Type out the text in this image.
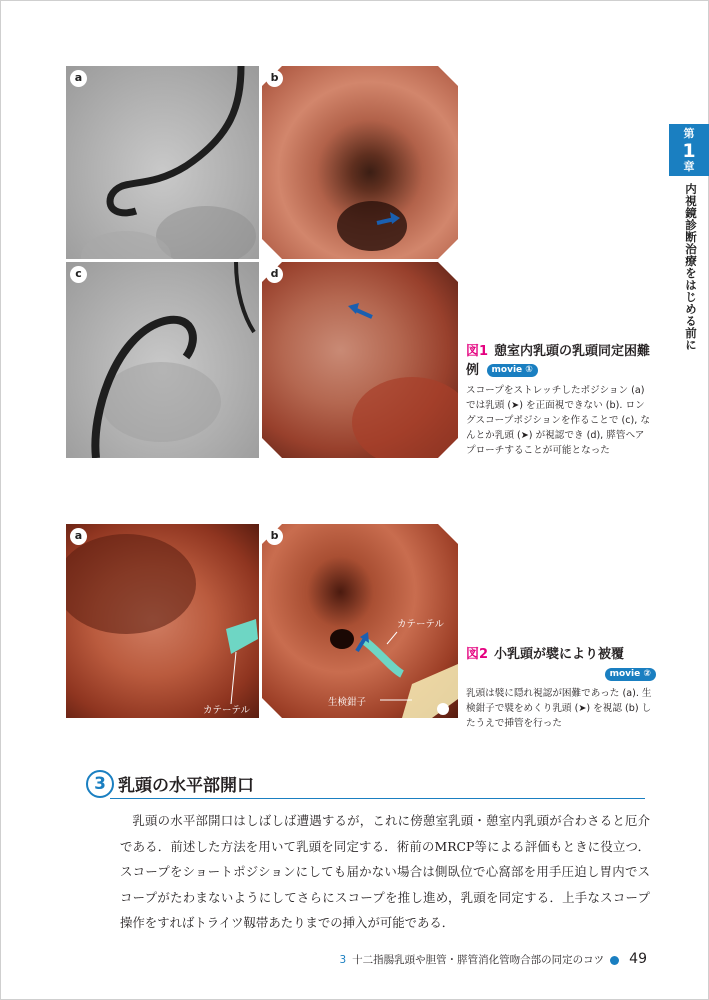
第
1
章
内視鏡診断治療をはじめる前に
a	b
c	d
図1 憩室内乳頭の乳頭同定困難例 movie ①
スコープをストレッチしたポジション (a) では乳頭 (➤) を正面視できない (b). ロングスコープポジションを作ることで (c), なんとか乳頭 (➤) が視認でき (d), 膵管へアプローチすることが可能となった
a
カテーテル
b
カテーテル
生検鉗子
図2 小乳頭が襞により被覆
movie ②
乳頭は襞に隠れ視認が困難であった (a). 生検鉗子で襞をめくり乳頭 (➤) を視認 (b) したうえで挿管を行った
3 乳頭の水平部開口
乳頭の水平部開口はしばしば遭遇するが，これに傍憩室乳頭・憩室内乳頭が合わさると厄介である．前述した方法を用いて乳頭を同定する．術前のMRCP等による評価もときに役立つ．スコープをショートポジションにしても届かない場合は側臥位で心窩部を用手圧迫し胃内でスコープがたわまないようにしてさらにスコープを推し進め，乳頭を同定する．上手なスコープ操作をすればトライツ靱帯あたりまでの挿入が可能である．
3 十二指腸乳頭や胆管・膵管消化管吻合部の同定のコツ 49
